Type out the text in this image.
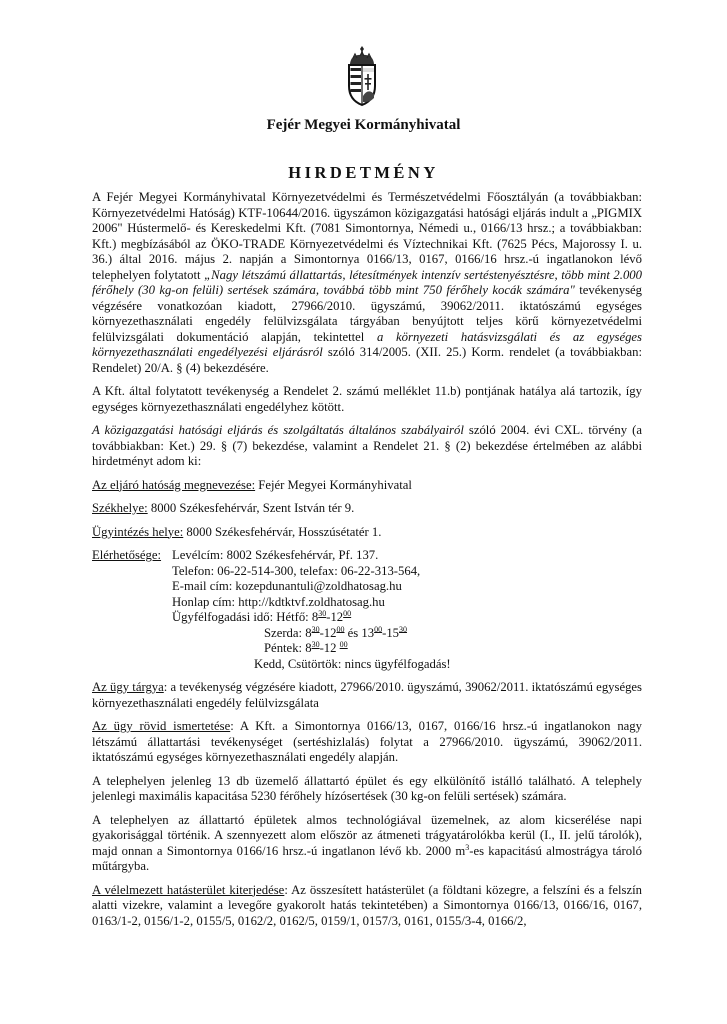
Fejér Megyei Kormányhivatal
HIRDETMÉNY

A Fejér Megyei Kormányhivatal Környezetvédelmi és Természetvédelmi Főosztályán (a továbbiakban: Környezetvédelmi Hatóság) KTF-10644/2016. ügyszámon közigazgatási hatósági eljárás indult a „PIGMIX 2006" Hústermelő- és Kereskedelmi Kft. (7081 Simontornya, Némedi u., 0166/13 hrsz.; a továbbiakban: Kft.) megbízásából az ÖKO-TRADE Környezetvédelmi és Víztechnikai Kft. (7625 Pécs, Majorossy I. u. 36.) által 2016. május 2. napján a Simontornya 0166/13, 0167, 0166/16 hrsz.-ú ingatlanokon lévő telephelyen folytatott „Nagy létszámú állattartás, létesítmények intenzív sertéstenyésztésre, több mint 2.000 férőhely (30 kg-on felüli) sertések számára, továbbá több mint 750 férőhely kocák számára" tevékenység végzésére vonatkozóan kiadott, 27966/2010. ügyszámú, 39062/2011. iktatószámú egységes környezethasználati engedély felülvizsgálata tárgyában benyújtott teljes körű környezetvédelmi felülvizsgálati dokumentáció alapján, tekintettel a környezeti hatásvizsgálati és az egységes környezethasználati engedélyezési eljárásról szóló 314/2005. (XII. 25.) Korm. rendelet (a továbbiakban: Rendelet) 20/A. § (4) bekezdésére.

A Kft. által folytatott tevékenység a Rendelet 2. számú melléklet 11.b) pontjának hatálya alá tartozik, így egységes környezethasználati engedélyhez kötött.

A közigazgatási hatósági eljárás és szolgáltatás általános szabályairól szóló 2004. évi CXL. törvény (a továbbiakban: Ket.) 29. § (7) bekezdése, valamint a Rendelet 21. § (2) bekezdése értelmében az alábbi hirdetményt adom ki:

Az eljáró hatóság megnevezése: Fejér Megyei Kormányhivatal

Székhelye: 8000 Székesfehérvár, Szent István tér 9.

Ügyintézés helye: 8000 Székesfehérvár, Hosszúsétatér 1.

Elérhetősége: Levélcím: 8002 Székesfehérvár, Pf. 137.
Telefon: 06-22-514-300, telefax: 06-22-313-564,
E-mail cím: kozepdunantuli@zoldhatosag.hu
Honlap cím: http://kdtktvf.zoldhatosag.hu
Ügyfélfogadási idő: Hétfő: $8^{30}-12^{00}$
Szerda: $8^{30}-12^{00}$ és $13^{00}-15^{30}$
Péntek: $8^{30}-12$ $^{00}$
Kedd, Csütörtök: nincs ügyfélfogadás!

Az ügy tárgya: a tevékenység végzésére kiadott, 27966/2010. ügyszámú, 39062/2011. iktatószámú egységes környezethasználati engedély felülvizsgálata

Az ügy rövid ismertetése: A Kft. a Simontornya 0166/13, 0167, 0166/16 hrsz.-ú ingatlanokon nagy létszámú állattartási tevékenységet (sertéshizlalás) folytat a 27966/2010. ügyszámú, 39062/2011. iktatószámú egységes környezethasználati engedély alapján.

A telephelyen jelenleg 13 db üzemelő állattartó épület és egy elkülönítő istálló található. A telephely jelenlegi maximális kapacitása 5230 férőhely hízósertések (30 kg-on felüli sertések) számára.

A telephelyen az állattartó épületek almos technológiával üzemelnek, az alom kicserélése napi gyakorisággal történik. A szennyezett alom először az átmeneti trágyatárolókba kerül (I., II. jelű tárolók), majd onnan a Simontornya 0166/16 hrsz.-ú ingatlanon lévő kb. 2000 $m^3-es$ kapacitású almostrágya tároló műtárgyba.

A vélelmezett hatásterület kiterjedése: Az összesített hatásterület (a földtani közegre, a felszíni és a felszín alatti vizekre, valamint a levegőre gyakorolt hatás tekintetében) a Simontornya 0166/13, 0166/16, 0167, 0163/1-2, 0156/1-2, 0155/5, 0162/2, 0162/5, 0159/1, 0157/3, 0161, 0155/3-4, 0166/2,
